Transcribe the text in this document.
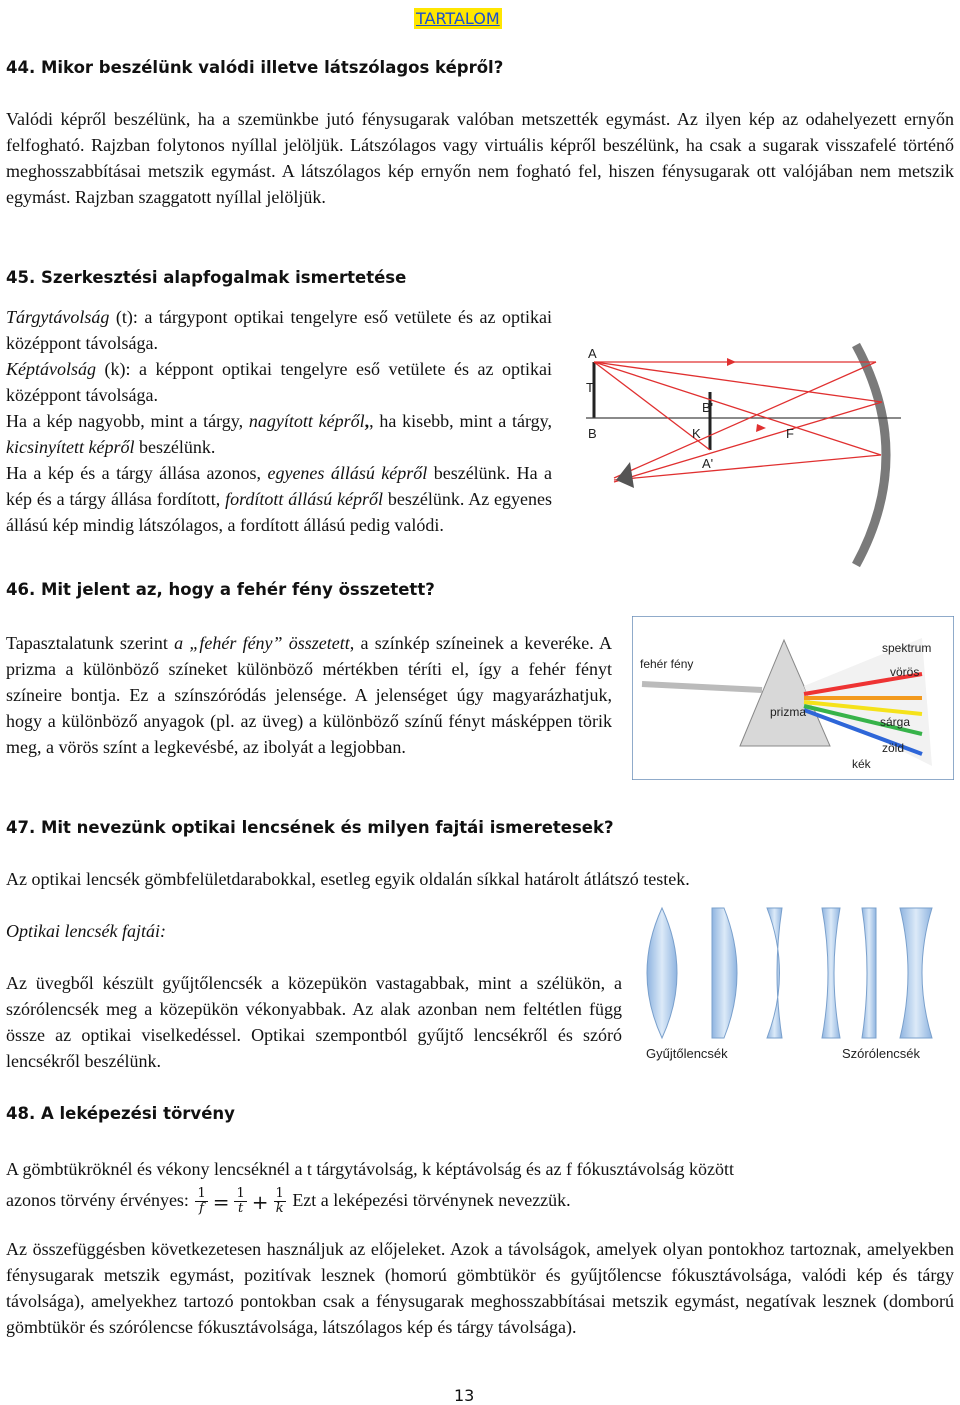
TARTALOM
44. Mikor beszélünk valódi illetve látszólagos képről?

Valódi képről beszélünk, ha a szemünkbe jutó fénysugarak valóban metszették egymást. Az ilyen kép az odahelyezett ernyőn felfogható. Rajzban folytonos nyíllal jelöljük. Látszólagos vagy virtuális képről beszélünk, ha csak a sugarak visszafelé történő meghosszabbításai metszik egymást. A látszólagos kép ernyőn nem fogható fel, hiszen fénysugarak ott valójában nem metszik egymást. Rajzban szaggatott nyíllal jelöljük.

45. Szerkesztési alapfogalmak ismertetése

Tárgytávolság (t): a tárgypont optikai tengelyre eső vetülete és az optikai középpont távolsága.

Képtávolság (k): a képpont optikai tengelyre eső vetülete és az optikai középpont távolsága.

Ha a kép nagyobb, mint a tárgy, nagyított képről,, ha kisebb, mint a tárgy, kicsinyített képről beszélünk.

Ha a kép és a tárgy állása azonos, egyenes állású képről beszélünk. Ha a kép és a tárgy állása fordított, fordított állású képről beszélünk. Az egyenes állású kép mindig látszólagos, a fordított állású pedig valódi.

A
T
B
B'
K
A'
F
46. Mit jelent az, hogy a fehér fény összetett?

Tapasztalatunk szerint a „fehér fény” összetett, a színkép színeinek a keveréke. A prizma a különböző színeket különböző mértékben téríti el, így a fehér fényt színeire bontja. Ez a színszóródás jelensége. A jelenséget úgy magyarázhatjuk, hogy a különböző anyagok (pl. az üveg) a különböző színű fényt másképpen törik meg, a vörös színt a legkevésbé, az ibolyát a legjobban.

fehér fény
spektrum
vörös
prizma
sárga
zöld
kék
47. Mit nevezünk optikai lencsének és milyen fajtái ismeretesek?

Az optikai lencsék gömbfelületdarabokkal, esetleg egyik oldalán síkkal határolt átlátszó testek.

Optikai lencsék fajtái:

Az üvegből készült gyűjtőlencsék a közepükön vastagabbak, mint a szélükön, a szórólencsék meg a közepükön vékonyabbak. Az alak azonban nem feltétlen függ össze az optikai viselkedéssel. Optikai szempontból gyűjtő lencsékről és szóró lencsékről beszélünk.	Gyűjtőlencsék	Szórólencsék
48. A leképezési törvény

A gömbtükröknél és vékony lencséknél a t tárgytávolság, k képtávolság és az f fókusztávolság között

azonos törvény érvényes: $\frac{1}{f} = \frac{1}{t} + \frac{1}{k}$ Ezt a leképezési törvénynek nevezzük.

Az összefüggésben következetesen használjuk az előjeleket. Azok a távolságok, amelyek olyan pontokhoz tartoznak, amelyekben fénysugarak metszik egymást, pozitívak lesznek (homorú gömbtükör és gyűjtőlencse fókusztávolsága, valódi kép és tárgy távolsága), amelyekhez tartozó pontokban csak a fénysugarak meghosszabbításai metszik egymást, negatívak lesznek (domború gömbtükör és szórólencse fókusztávolsága, látszólagos kép és tárgy távolsága).

13
